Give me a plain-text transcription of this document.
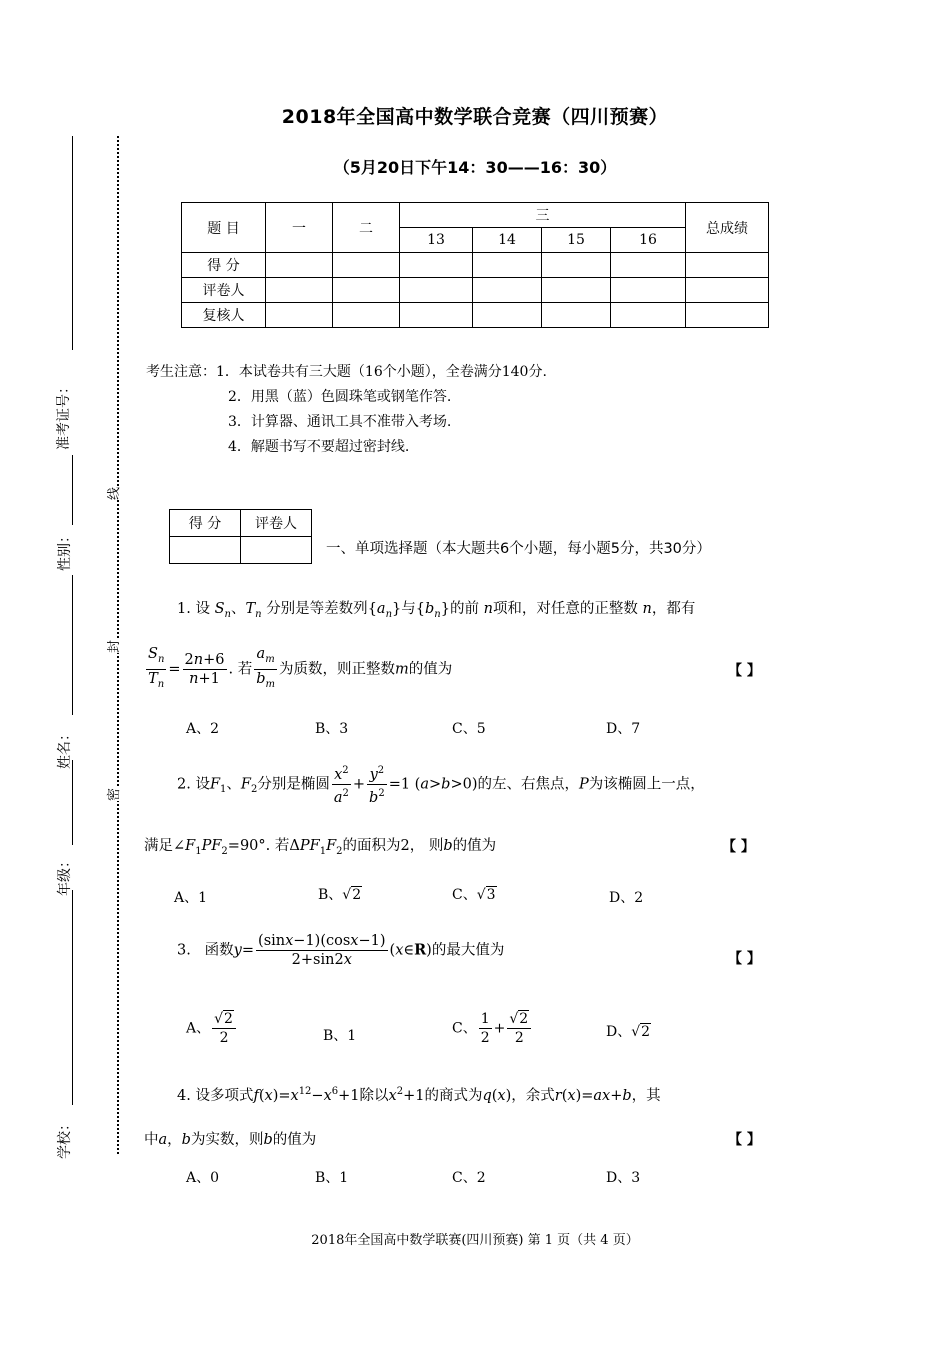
2018年全国高中数学联合竞赛（四川预赛）
（5月20日下午14：30——16：30）
题 目	一	二	三				总成绩
			13	14	15	16	
得 分							
评卷人							
复核人							
考生注意：1．本试卷共有三大题（16个小题），全卷满分140分.
2．用黑（蓝）色圆珠笔或钢笔作答.
3．计算器、通讯工具不准带入考场.
4．解题书写不要超过密封线.
得 分	评卷人

一、单项选择题（本大题共6个小题，每小题5分，共30分）
1. 设 $S_n$、$T_n$ 分别是等差数列$\{a_n\}$与$\{b_n\}$的前 n项和，对任意的正整数 n，都有
$\frac{S_n}{T_n} = \frac{2n+6}{n+1}$ . 若 $\frac{a_m}{b_m}$ 为质数，则正整数m的值为	【 】
A、2	B、3	C、5	D、7
2. 设$F_1$、$F_2$分别是椭圆 $\frac{x^2}{a^2} + \frac{y^2}{b^2} =1$ (a>b>0)的左、右焦点，P为该椭圆上一点，
满足$\angle F_1PF_2=90^\circ$. 若$\Delta PF_1F_2$的面积为2， 则b的值为	【 】
A、1	B、√2	C、√3	D、2
3. 函数$y= \frac{(\sin x-1)(\cos x-1)}{2+\sin 2x}$ (x∈R)的最大值为
【 】
A、 $\frac{√2}{2}$	B、1	C、 $\frac{1}{2} + \frac{√2}{2}$	D、√2
4. 设多项式$f(x)=x^{12}-x^6+1$除以$x^2+1$的商式为q(x)，余式r(x)=ax+b，其
中a，b为实数，则b的值为	【 】
A、0	B、1	C、2	D、3
准考证号：
性别：
姓名：
年级：
学校：
线
封
密
2018年全国高中数学联赛(四川预赛) 第 1 页（共 4 页）
